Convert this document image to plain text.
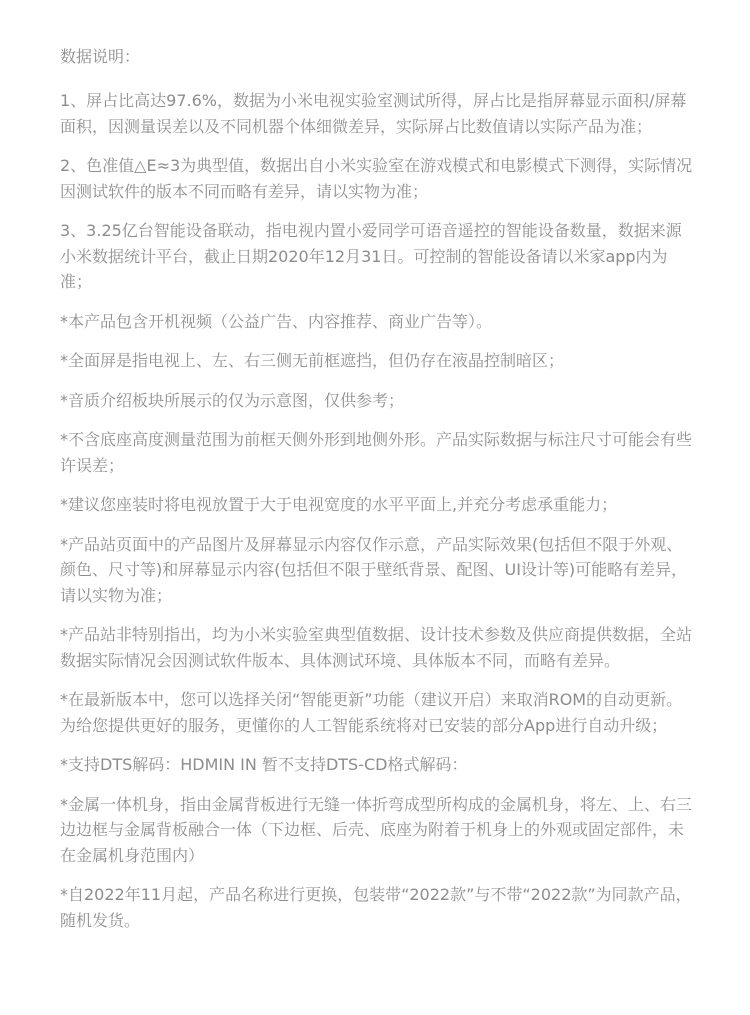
数据说明：

1、屏占比高达97.6%，数据为小米电视实验室测试所得，屏占比是指屏幕显示面积/屏幕面积，因测量误差以及不同机器个体细微差异，实际屏占比数值请以实际产品为准；
2、色准值△E≈3为典型值，数据出自小米实验室在游戏模式和电影模式下测得，实际情况因测试软件的版本不同而略有差异，请以实物为准；
3、3.25亿台智能设备联动，指电视内置小爱同学可语音遥控的智能设备数量，数据来源小米数据统计平台，截止日期2020年12月31日。可控制的智能设备请以米家app内为准；
*本产品包含开机视频（公益广告、内容推荐、商业广告等）。
*全面屏是指电视上、左、右三侧无前框遮挡，但仍存在液晶控制暗区；
*音质介绍板块所展示的仅为示意图，仅供参考；
*不含底座高度测量范围为前框天侧外形到地侧外形。产品实际数据与标注尺寸可能会有些许误差；
*建议您座装时将电视放置于大于电视宽度的水平平面上,并充分考虑承重能力；
*产品站页面中的产品图片及屏幕显示内容仅作示意，产品实际效果(包括但不限于外观、颜色、尺寸等)和屏幕显示内容(包括但不限于壁纸背景、配图、UI设计等)可能略有差异，请以实物为准；
*产品站非特别指出，均为小米实验室典型值数据、设计技术参数及供应商提供数据，全站数据实际情况会因测试软件版本、具体测试环境、具体版本不同，而略有差异。
*在最新版本中，您可以选择关闭“智能更新”功能（建议开启）来取消ROM的自动更新。为给您提供更好的服务，更懂你的人工智能系统将对已安装的部分App进行自动升级；
*支持DTS解码：HDMIN IN 暂不支持DTS-CD格式解码：
*金属一体机身，指由金属背板进行无缝一体折弯成型所构成的金属机身，将左、上、右三边边框与金属背板融合一体（下边框、后壳、底座为附着于机身上的外观或固定部件，未在金属机身范围内）
*自2022年11月起，产品名称进行更换，包装带“2022款”与不带“2022款”为同款产品，随机发货。
